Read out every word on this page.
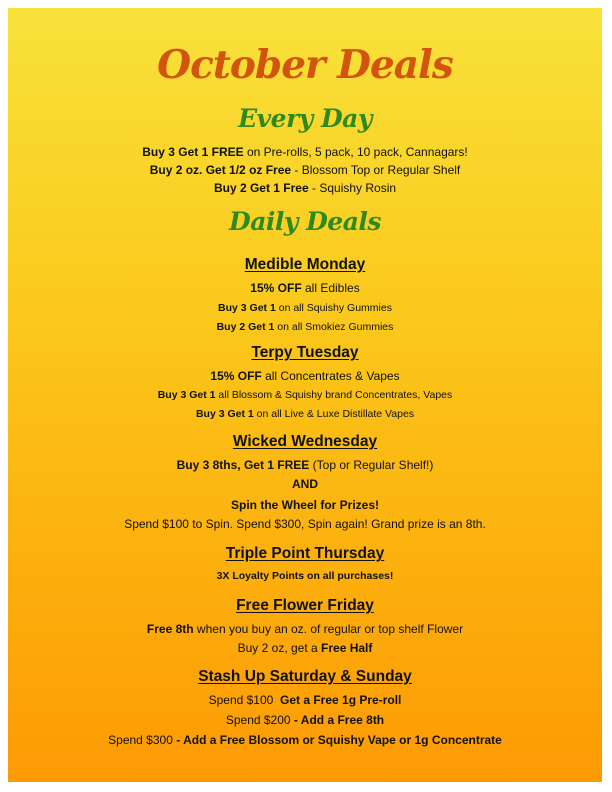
October Deals
Every Day
Buy 3 Get 1 FREE on Pre-rolls, 5 pack, 10 pack, Cannagars!
Buy 2 oz. Get 1/2 oz Free - Blossom Top or Regular Shelf
Buy 2 Get 1 Free - Squishy Rosin
Daily Deals
Medible Monday
15% OFF all Edibles
Buy 3 Get 1 on all Squishy Gummies
Buy 2 Get 1 on all Smokiez Gummies
Terpy Tuesday
15% OFF all Concentrates & Vapes
Buy 3 Get 1 all Blossom & Squishy brand Concentrates, Vapes
Buy 3 Get 1 on all Live & Luxe Distillate Vapes
Wicked Wednesday
Buy 3 8ths, Get 1 FREE (Top or Regular Shelf!)
AND
Spin the Wheel for Prizes!
Spend $100 to Spin. Spend $300, Spin again! Grand prize is an 8th.
Triple Point Thursday
3X Loyalty Points on all purchases!
Free Flower Friday
Free 8th when you buy an oz. of regular or top shelf Flower
Buy 2 oz, get a Free Half
Stash Up Saturday & Sunday
Spend $100  Get a Free 1g Pre-roll
Spend $200 - Add a Free 8th
Spend $300 - Add a Free Blossom or Squishy Vape or 1g Concentrate
